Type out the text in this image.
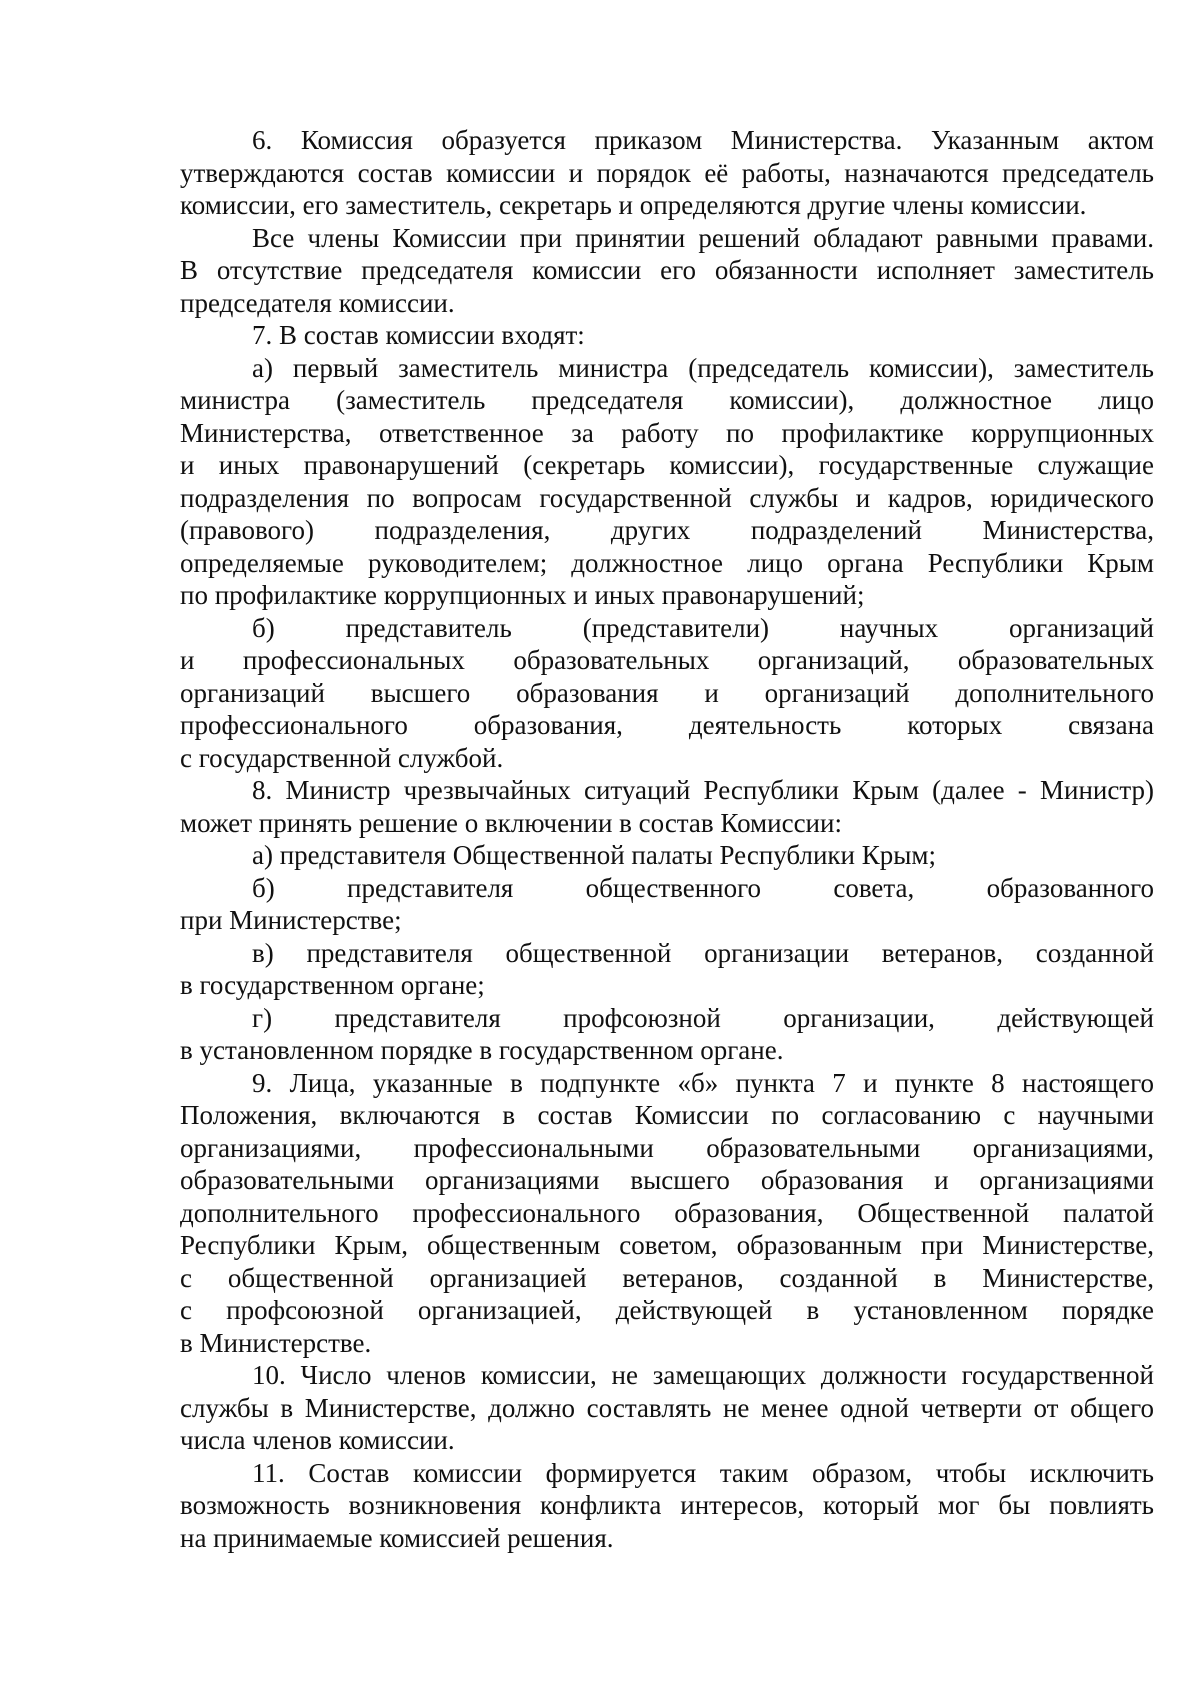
6. Комиссия образуется приказом Министерства. Указанным актом
утверждаются состав комиссии и порядок её работы, назначаются председатель
комиссии, его заместитель, секретарь и определяются другие члены комиссии.
Все члены Комиссии при принятии решений обладают равными правами.
В отсутствие председателя комиссии его обязанности исполняет заместитель
председателя комиссии.
7. В состав комиссии входят:
а) первый заместитель министра (председатель комиссии), заместитель
министра (заместитель председателя комиссии), должностное лицо
Министерства, ответственное за работу по профилактике коррупционных
и иных правонарушений (секретарь комиссии), государственные служащие
подразделения по вопросам государственной службы и кадров, юридического
(правового) подразделения, других подразделений Министерства,
определяемые руководителем; должностное лицо органа Республики Крым
по профилактике коррупционных и иных правонарушений;
б) представитель (представители) научных организаций
и профессиональных образовательных организаций, образовательных
организаций высшего образования и организаций дополнительного
профессионального образования, деятельность которых связана
с государственной службой.
8. Министр чрезвычайных ситуаций Республики Крым (далее - Министр)
может принять решение о включении в состав Комиссии:
а) представителя Общественной палаты Республики Крым;
б) представителя общественного совета, образованного
при Министерстве;
в) представителя общественной организации ветеранов, созданной
в государственном органе;
г) представителя профсоюзной организации, действующей
в установленном порядке в государственном органе.
9. Лица, указанные в подпункте «б» пункта 7 и пункте 8 настоящего
Положения, включаются в состав Комиссии по согласованию с научными
организациями, профессиональными образовательными организациями,
образовательными организациями высшего образования и организациями
дополнительного профессионального образования, Общественной палатой
Республики Крым, общественным советом, образованным при Министерстве,
с общественной организацией ветеранов, созданной в Министерстве,
с профсоюзной организацией, действующей в установленном порядке
в Министерстве.
10. Число членов комиссии, не замещающих должности государственной
службы в Министерстве, должно составлять не менее одной четверти от общего
числа членов комиссии.
11. Состав комиссии формируется таким образом, чтобы исключить
возможность возникновения конфликта интересов, который мог бы повлиять
на принимаемые комиссией решения.
